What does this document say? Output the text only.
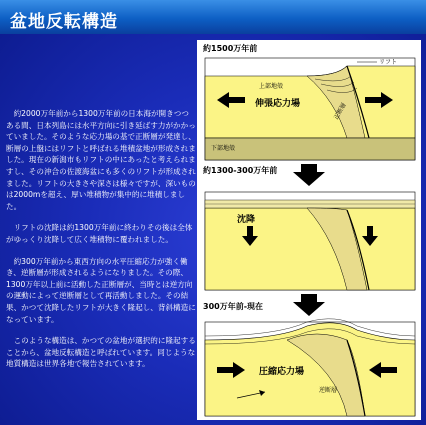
盆地反転構造

約2000万年前から1300万年前の日本海が開きつつある間、日本列島には水平方向に引き延ばす力がかかっていました。そのような応力場の基で正断層が発達し、断層の上盤にはリフトと呼ばれる堆積盆地が形成されました。現在の新潟市もリフトの中にあったと考えられますし、その沖合の佐渡海盆にも多くのリフトが形成されました。リフトの大きさや深さは様々ですが、深いものは2000mを超え、厚い堆積物が集中的に堆積しました。

リフトの沈降は約1300万年前に終わりその後は全体がゆっくり沈降して広く堆積物に覆われました。

約300万年前から東西方向の水平圧縮応力が強く働き、逆断層が形成されるようになりました。その際、1300万年以上前に活動した正断層が、当時とは逆方向の運動によって逆断層として再活動しました。その結果、かつて沈降したリフトが大きく隆起し、背斜構造になっています。

このような構造は、かつての盆地が選択的に隆起することから、盆地反転構造と呼ばれています。同じような地質構造は世界各地で報告されています。

約1500万年前
リフト
上部地殻
伸張応力場	正断層
下部地殻
約1300-300万年前
沈降
300万年前-現在
圧縮応力場
逆断層
